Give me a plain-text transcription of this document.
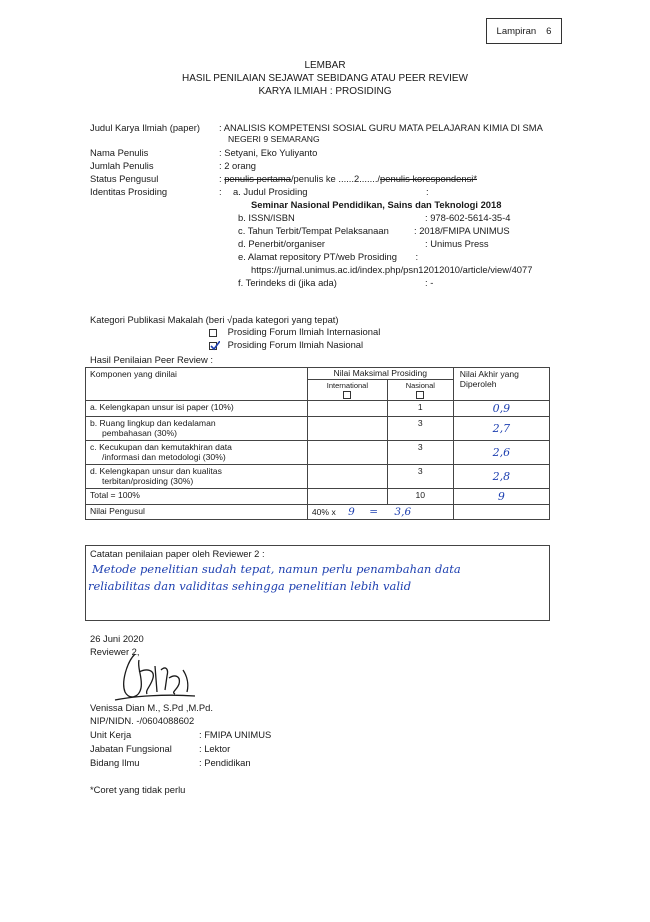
Lampiran 6
LEMBAR
HASIL PENILAIAN SEJAWAT SEBIDANG ATAU PEER REVIEW
KARYA ILMIAH : PROSIDING
Judul Karya Ilmiah (paper) : ANALISIS KOMPETENSI SOSIAL GURU MATA PELAJARAN KIMIA DI SMA
NEGERI 9 SEMARANG
Nama Penulis	: Setyani, Eko Yuliyanto
Jumlah Penulis	: 2 orang
Status Pengusul	: penulis pertama/penulis ke ......2......./penulis korespondensi*
Identitas Prosiding	: a. Judul Prosiding	:
Seminar Nasional Pendidikan, Sains dan Teknologi 2018
b. ISSN/ISBN	: 978-602-5614-35-4
c. Tahun Terbit/Tempat Pelaksanaan	: 2018/FMIPA UNIMUS
d. Penerbit/organiser	: Unimus Press
e. Alamat repository PT/web Prosiding :
https://jurnal.unimus.ac.id/index.php/psn12012010/article/view/4077
f. Terindeks di (jika ada)	: -
Kategori Publikasi Makalah (beri √pada kategori yang tepat)
Prosiding Forum Ilmiah Internasional
Prosiding Forum Ilmiah Nasional
Hasil Penilaian Peer Review :
Komponen yang dinilai	Nilai Maksimal Prosiding		Nilai Akhir yang Diperoleh

	International	Nasional	

a. Kelengkapan unsur isi paper (10%)		1	0,9

b. Ruang lingkup dan kedalaman
pembahasan (30%)		3	2,7

c. Kecukupan dan kemutakhiran data
/informasi dan metodologi (30%)		3	2,6

d. Kelengkapan unsur dan kualitas
terbitan/prosiding (30%)		3	2,8
Total = 100%		10	9
Nilai Pengusul	40% x 9 = 3,6		
Catatan penilaian paper oleh Reviewer 2 :
Metode penelitian sudah tepat, namun perlu penambahan data
reliabilitas dan validitas sehingga penelitian lebih valid
26 Juni 2020
Reviewer 2,
Venissa Dian M., S.Pd ,M.Pd.
NIP/NIDN. -/0604088602
Unit Kerja	: FMIPA UNIMUS
Jabatan Fungsional	: Lektor
Bidang Ilmu	: Pendidikan
*Coret yang tidak perlu
